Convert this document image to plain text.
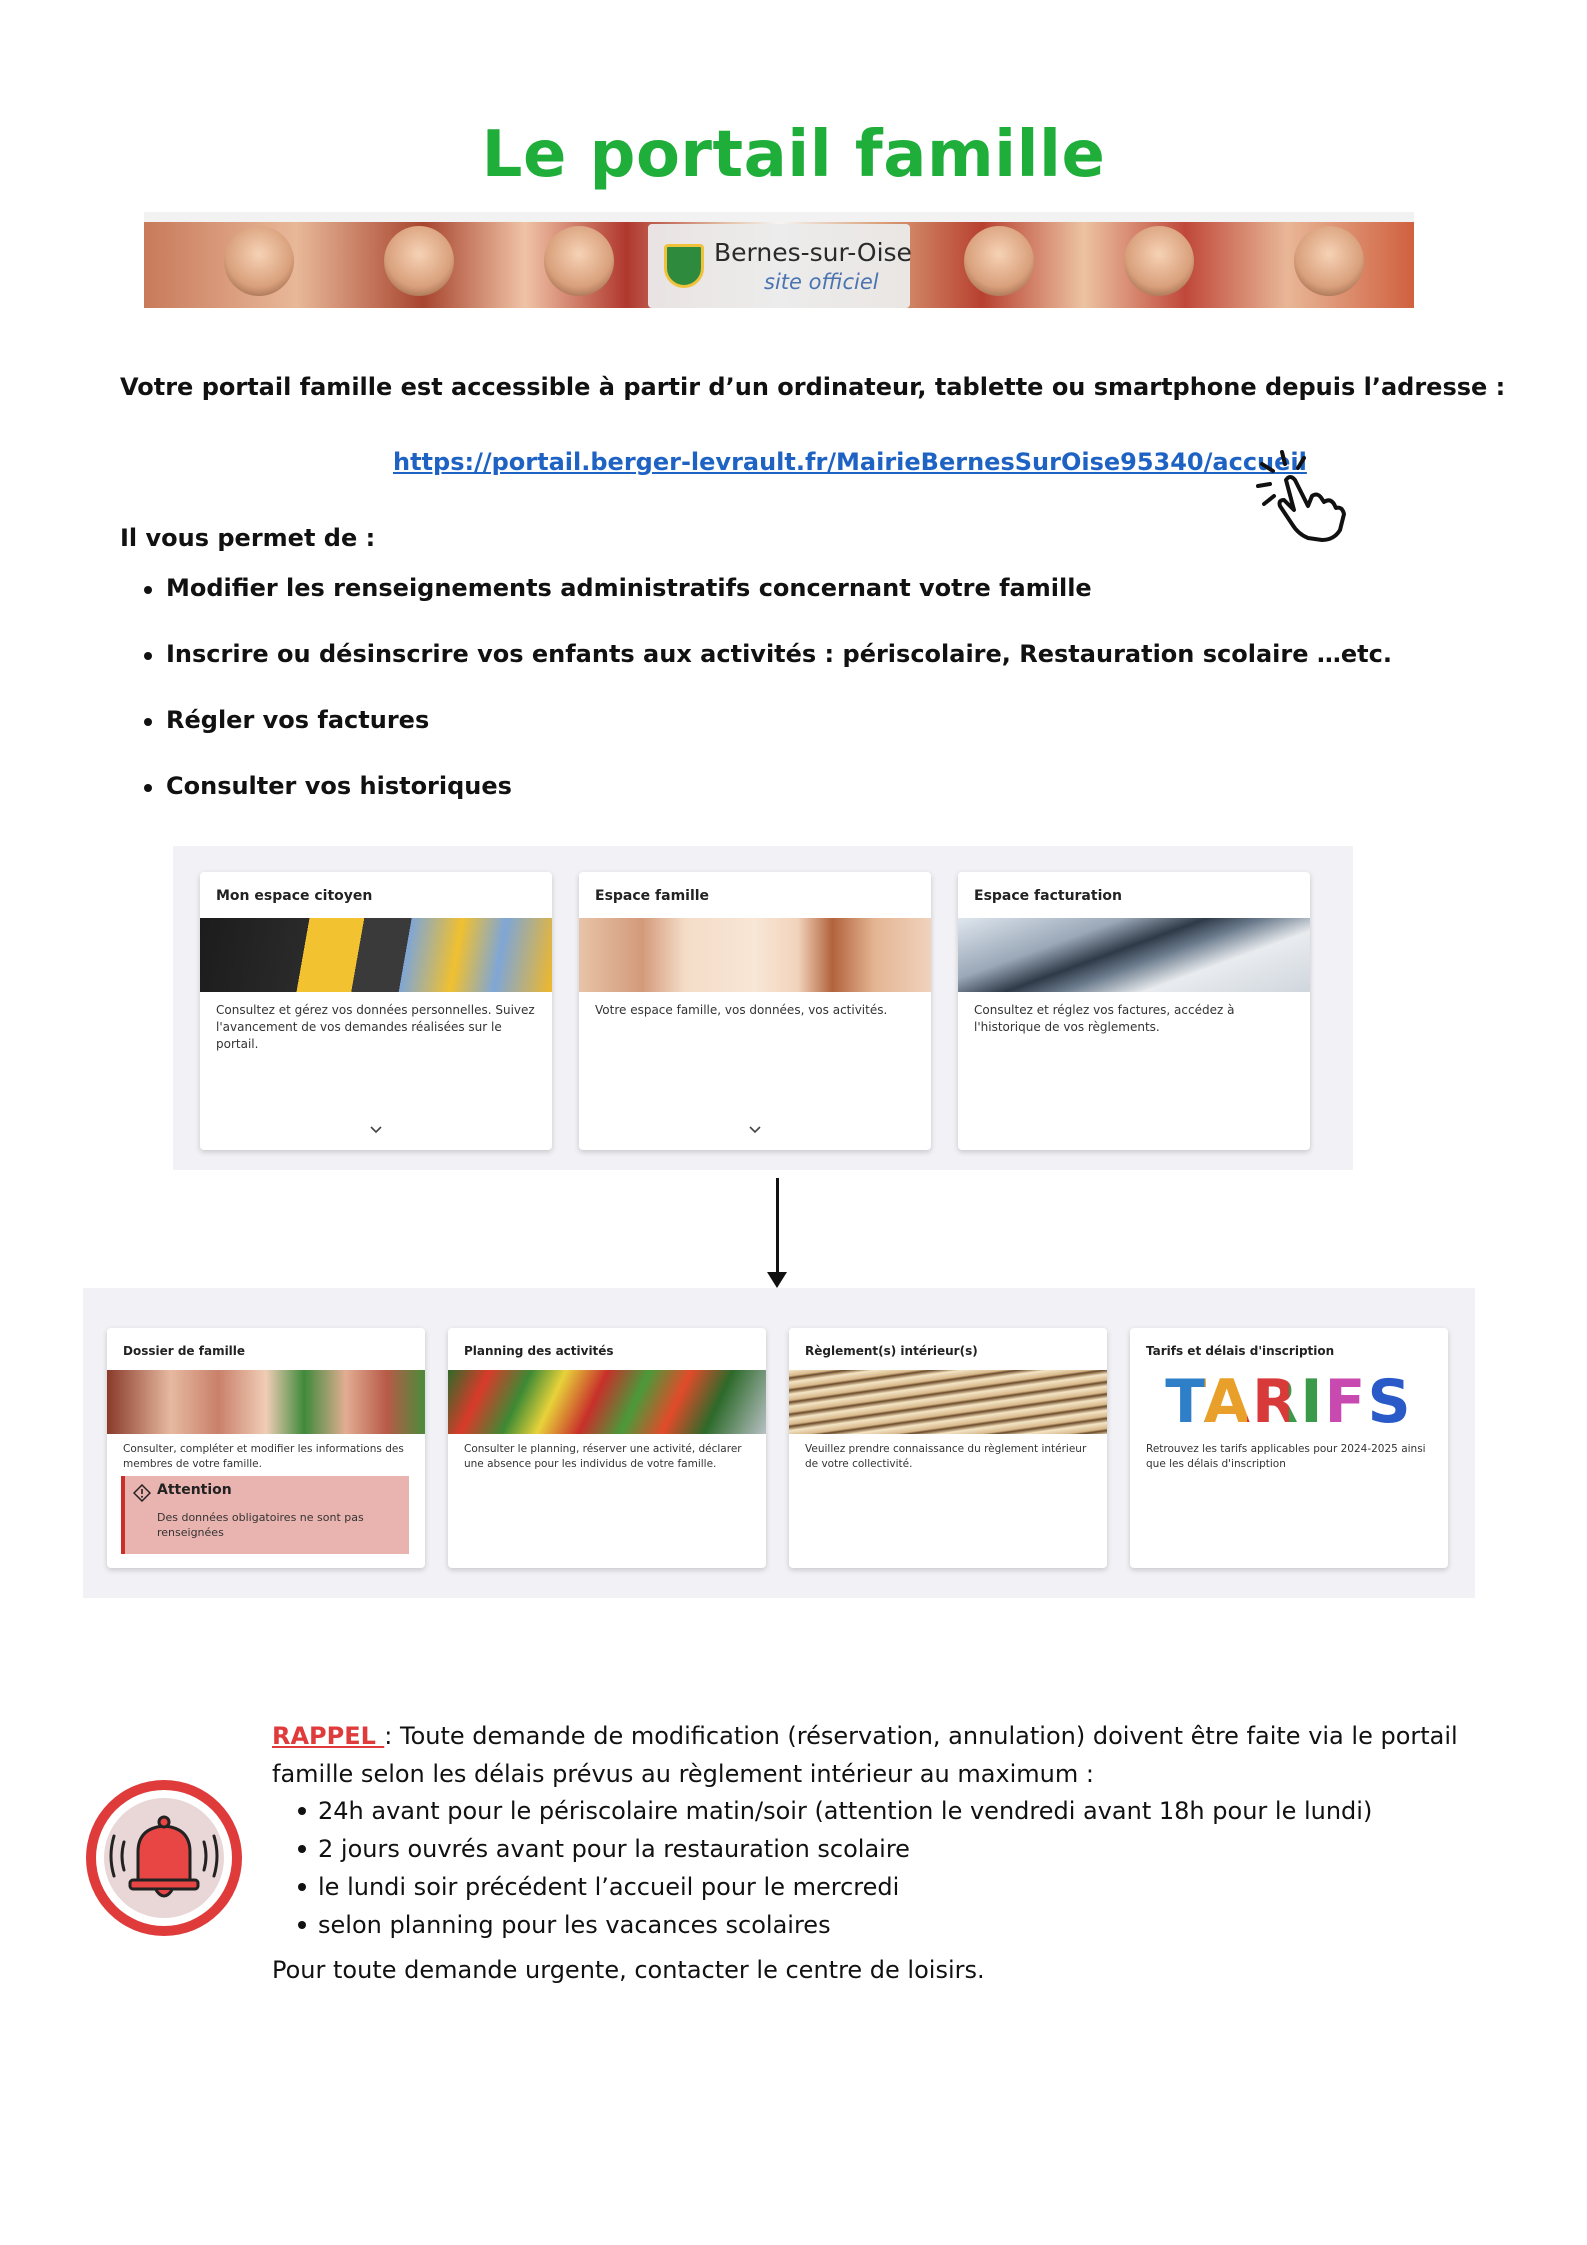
Le portail famille
Bernes-sur-Oise
site officiel
Votre portail famille est accessible à partir d’un ordinateur, tablette ou smartphone depuis l’adresse :
https://portail.berger-levrault.fr/MairieBernesSurOise95340/accueil
Il vous permet de :
Modifier les renseignements administratifs concernant votre famille
Inscrire ou désinscrire vos enfants aux activités : périscolaire, Restauration scolaire …etc.
Régler vos factures
Consulter vos historiques
Mon espace citoyen
Consultez et gérez vos données personnelles. Suivez l'avancement de vos demandes réalisées sur le portail.
Espace famille
Votre espace famille, vos données, vos activités.
Espace facturation
Consultez et réglez vos factures, accédez à l'historique de vos règlements.
Dossier de famille
Consulter, compléter et modifier les informations des membres de votre famille.
Attention
Des données obligatoires ne sont pas renseignées
Planning des activités
Consulter le planning, réserver une activité, déclarer une absence pour les individus de votre famille.
Règlement(s) intérieur(s)
Veuillez prendre connaissance du règlement intérieur de votre collectivité.
Tarifs et délais d'inscription
TARIFS
Retrouvez les tarifs applicables pour 2024-2025 ainsi que les délais d'inscription
RAPPEL : Toute demande de modification (réservation, annulation) doivent être faite via le portail famille selon les délais prévus au règlement intérieur au maximum :
24h avant pour le périscolaire matin/soir (attention le vendredi avant 18h pour le lundi)
2 jours ouvrés avant pour la restauration scolaire
le lundi soir précédent l’accueil pour le mercredi
selon planning pour les vacances scolaires
Pour toute demande urgente, contacter le centre de loisirs.
